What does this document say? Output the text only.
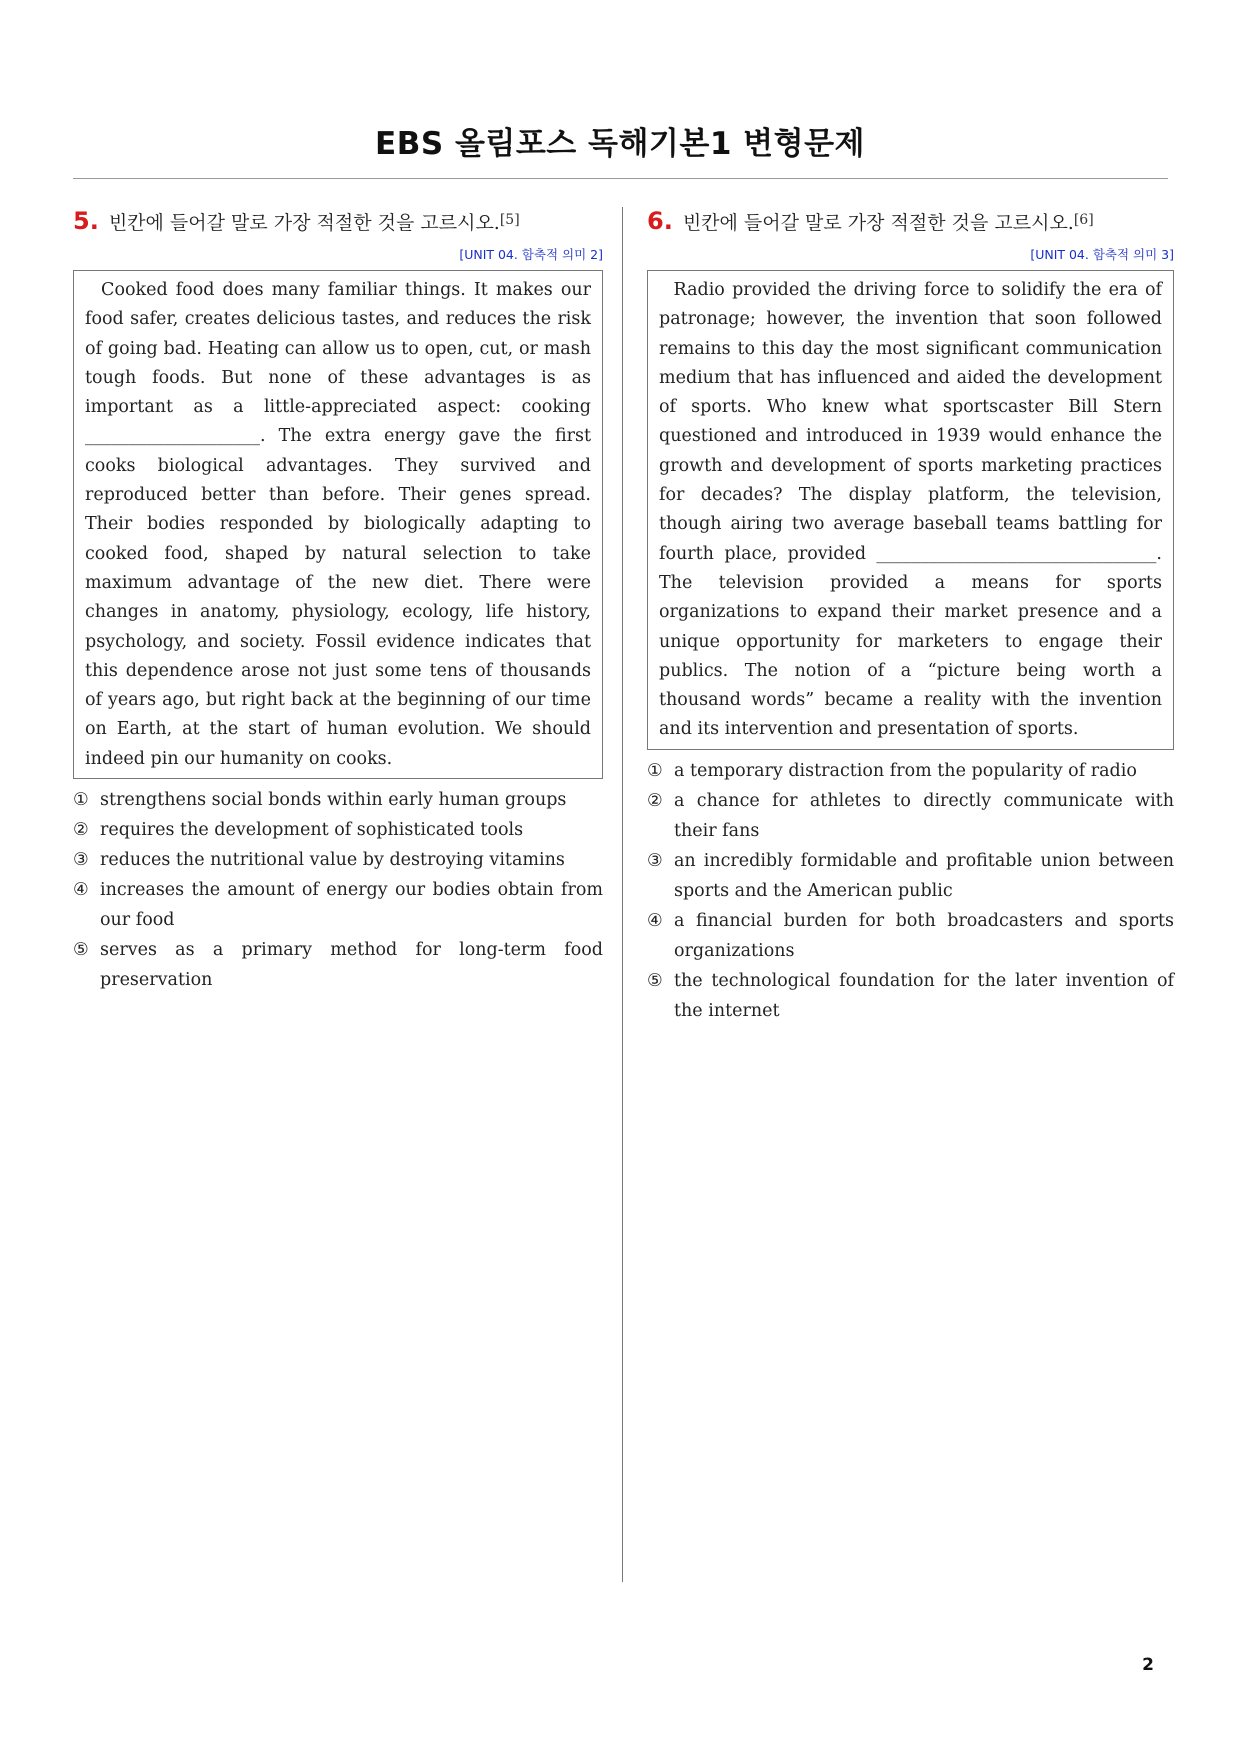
EBS 올림포스 독해기본1 변형문제
5. 빈칸에 들어갈 말로 가장 적절한 것을 고르시오.[5]
[UNIT 04. 함축적 의미 2]
Cooked food does many familiar things. It makes our food safer, creates delicious tastes, and reduces the risk of going bad. Heating can allow us to open, cut, or mash tough foods. But none of these advantages is as important as a little-appreciated aspect: cooking ____________________. The extra energy gave the first cooks biological advantages. They survived and reproduced better than before. Their genes spread. Their bodies responded by biologically adapting to cooked food, shaped by natural selection to take maximum advantage of the new diet. There were changes in anatomy, physiology, ecology, life history, psychology, and society. Fossil evidence indicates that this dependence arose not just some tens of thousands of years ago, but right back at the beginning of our time on Earth, at the start of human evolution. We should indeed pin our humanity on cooks.
① strengthens social bonds within early human groups
② requires the development of sophisticated tools
③ reduces the nutritional value by destroying vitamins
④ increases the amount of energy our bodies obtain from our food
⑤ serves as a primary method for long-term food preservation
6. 빈칸에 들어갈 말로 가장 적절한 것을 고르시오.[6]
[UNIT 04. 함축적 의미 3]
Radio provided the driving force to solidify the era of patronage; however, the invention that soon followed remains to this day the most significant communication medium that has influenced and aided the development of sports. Who knew what sportscaster Bill Stern questioned and introduced in 1939 would enhance the growth and development of sports marketing practices for decades? The display platform, the television, though airing two average baseball teams battling for fourth place, provided ________________________________. The television provided a means for sports organizations to expand their market presence and a unique opportunity for marketers to engage their publics. The notion of a “picture being worth a thousand words” became a reality with the invention and its intervention and presentation of sports.
① a temporary distraction from the popularity of radio
② a chance for athletes to directly communicate with their fans
③ an incredibly formidable and profitable union between sports and the American public
④ a financial burden for both broadcasters and sports organizations
⑤ the technological foundation for the later invention of the internet
2
